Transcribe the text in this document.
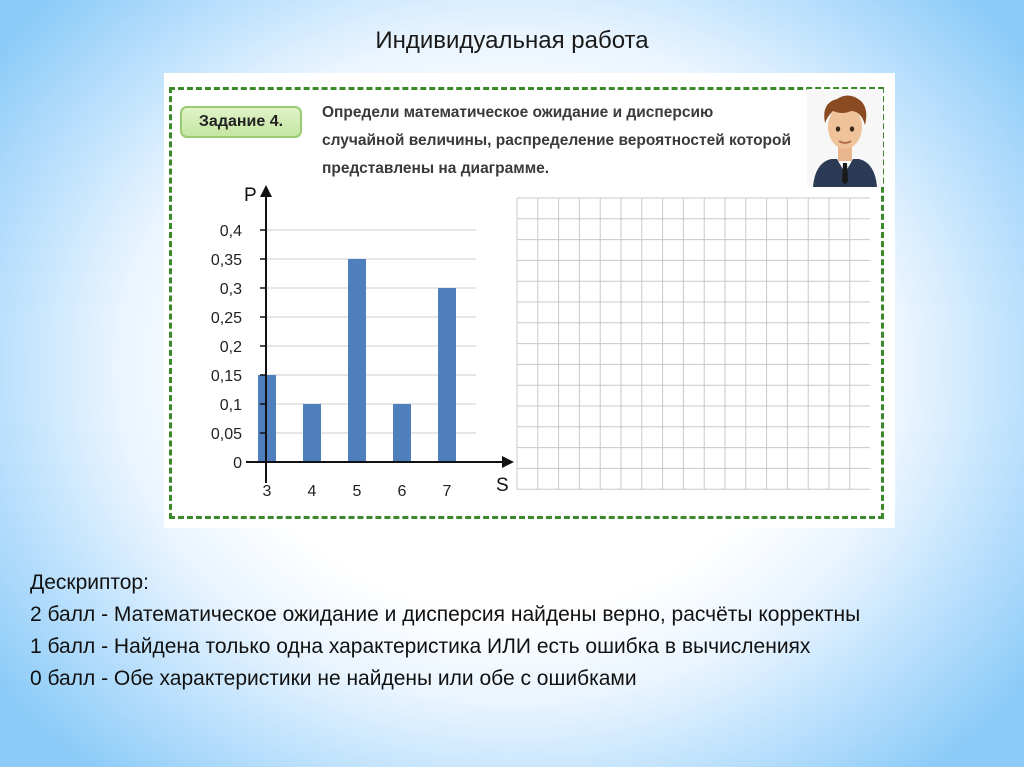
Индивидуальная работа
Задание 4.
Определи математическое ожидание и дисперсию случайной величины, распределение вероятностей которой представлены на диаграмме.
0
0,05
0,1
0,15
0,2
0,25
0,3
0,35
0,4
3 4 5 6 7
P
S
Дескриптор:
2 балл - Математическое ожидание и дисперсия найдены верно, расчёты корректны
1 балл - Найдена только одна характеристика ИЛИ есть ошибка в вычислениях
0 балл - Обе характеристики не найдены или обе с ошибками
